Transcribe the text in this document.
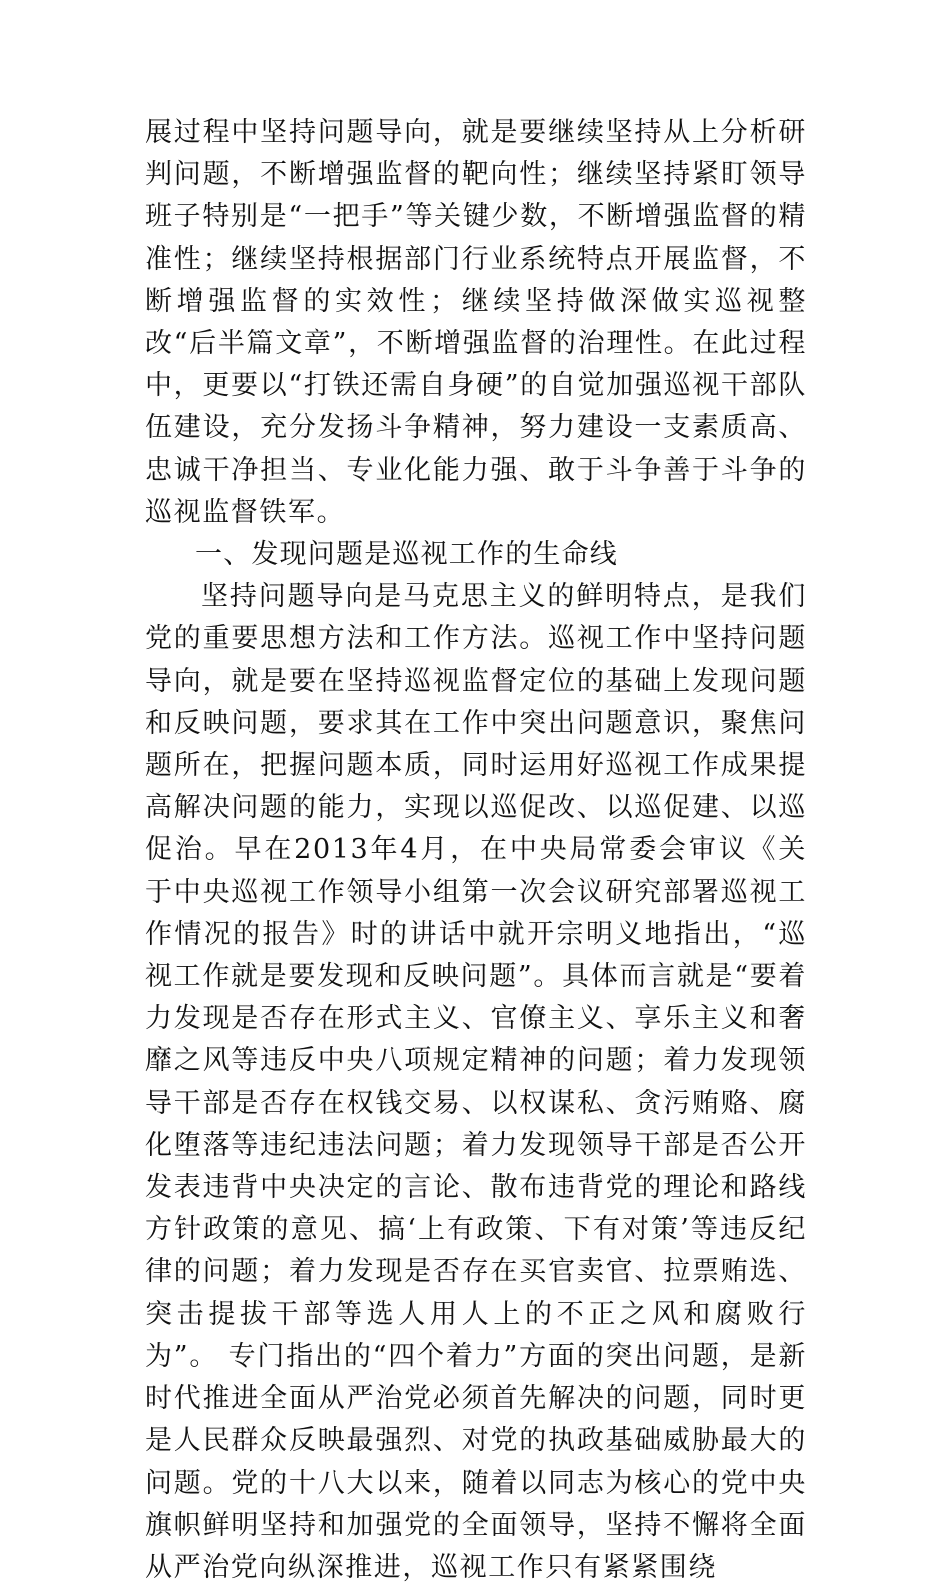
展过程中坚持问题导向，就是要继续坚持从上分析研判问题，不断增强监督的靶向性；继续坚持紧盯领导班子特别是“一把手”等关键少数，不断增强监督的精准性；继续坚持根据部门行业系统特点开展监督，不断增强监督的实效性；继续坚持做深做实巡视整改“后半篇文章”，不断增强监督的治理性。在此过程中，更要以“打铁还需自身硬”的自觉加强巡视干部队伍建设，充分发扬斗争精神，努力建设一支素质高、忠诚干净担当、专业化能力强、敢于斗争善于斗争的巡视监督铁军。

一、发现问题是巡视工作的生命线

坚持问题导向是马克思主义的鲜明特点，是我们党的重要思想方法和工作方法。巡视工作中坚持问题导向，就是要在坚持巡视监督定位的基础上发现问题和反映问题，要求其在工作中突出问题意识，聚焦问题所在，把握问题本质，同时运用好巡视工作成果提高解决问题的能力，实现以巡促改、以巡促建、以巡促治。早在2013年4月，在中央局常委会审议《关于中央巡视工作领导小组第一次会议研究部署巡视工作情况的报告》时的讲话中就开宗明义地指出，“巡视工作就是要发现和反映问题”。具体而言就是“要着力发现是否存在形式主义、官僚主义、享乐主义和奢靡之风等违反中央八项规定精神的问题；着力发现领导干部是否存在权钱交易、以权谋私、贪污贿赂、腐化堕落等违纪违法问题；着力发现领导干部是否公开发表违背中央决定的言论、散布违背党的理论和路线方针政策的意见、搞‘上有政策、下有对策’等违反纪律的问题；着力发现是否存在买官卖官、拉票贿选、突击提拔干部等选人用人上的不正之风和腐败行为”。 专门指出的“四个着力”方面的突出问题，是新时代推进全面从严治党必须首先解决的问题，同时更是人民群众反映最强烈、对党的执政基础威胁最大的问题。党的十八大以来，随着以同志为核心的党中央旗帜鲜明坚持和加强党的全面领导，坚持不懈将全面从严治党向纵深推进，巡视工作只有紧紧围绕
